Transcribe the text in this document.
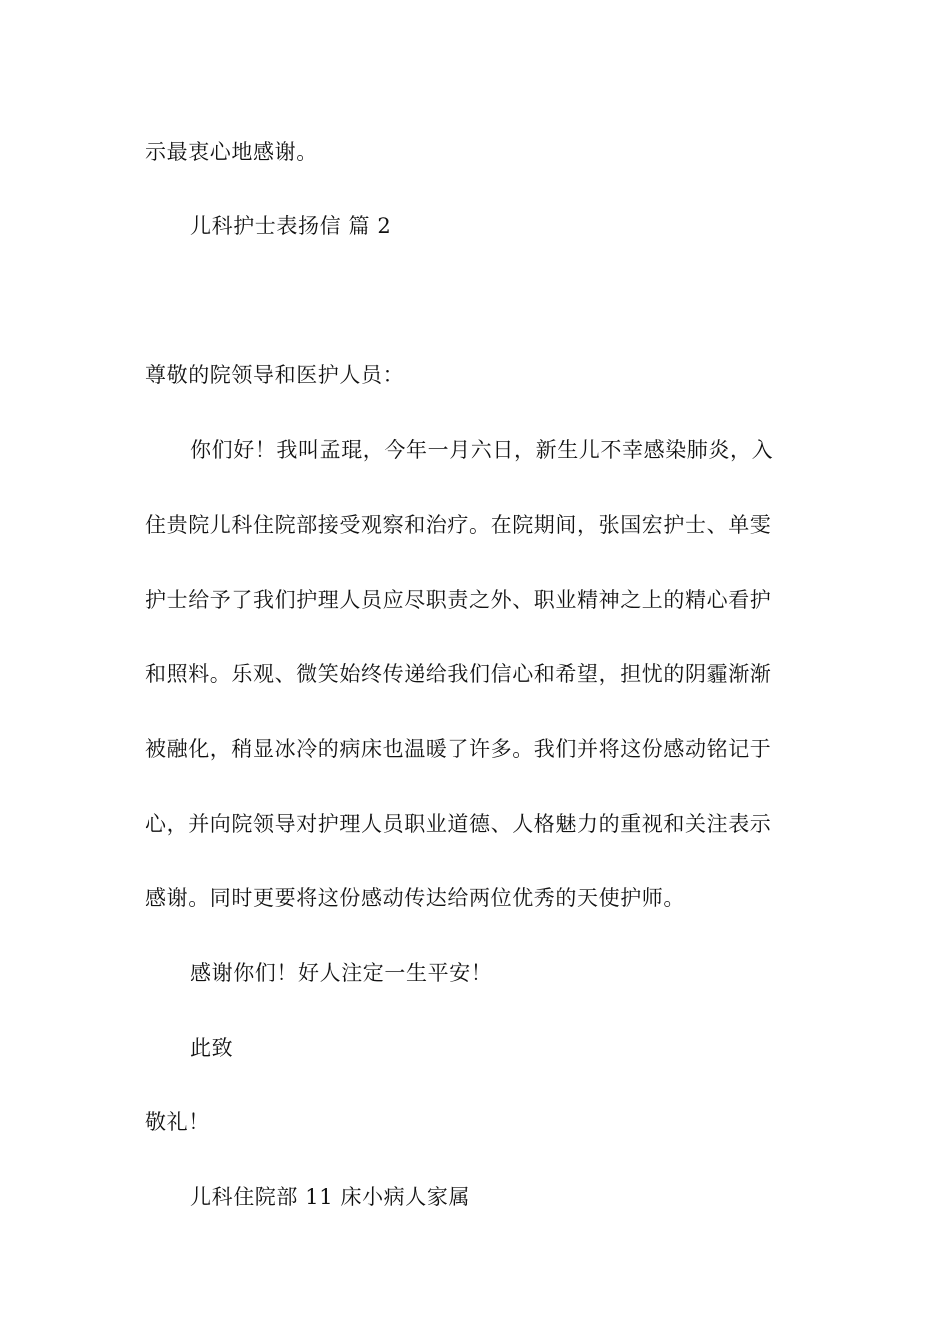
示最衷心地感谢。
儿科护士表扬信 篇 2
尊敬的院领导和医护人员：
你们好！我叫孟琨，今年一月六日，新生儿不幸感染肺炎，入
住贵院儿科住院部接受观察和治疗。在院期间，张国宏护士、单雯
护士给予了我们护理人员应尽职责之外、职业精神之上的精心看护
和照料。乐观、微笑始终传递给我们信心和希望，担忧的阴霾渐渐
被融化，稍显冰冷的病床也温暖了许多。我们并将这份感动铭记于
心，并向院领导对护理人员职业道德、人格魅力的重视和关注表示
感谢。同时更要将这份感动传达给两位优秀的天使护师。
感谢你们！好人注定一生平安！
此致
敬礼！
儿科住院部 11 床小病人家属
